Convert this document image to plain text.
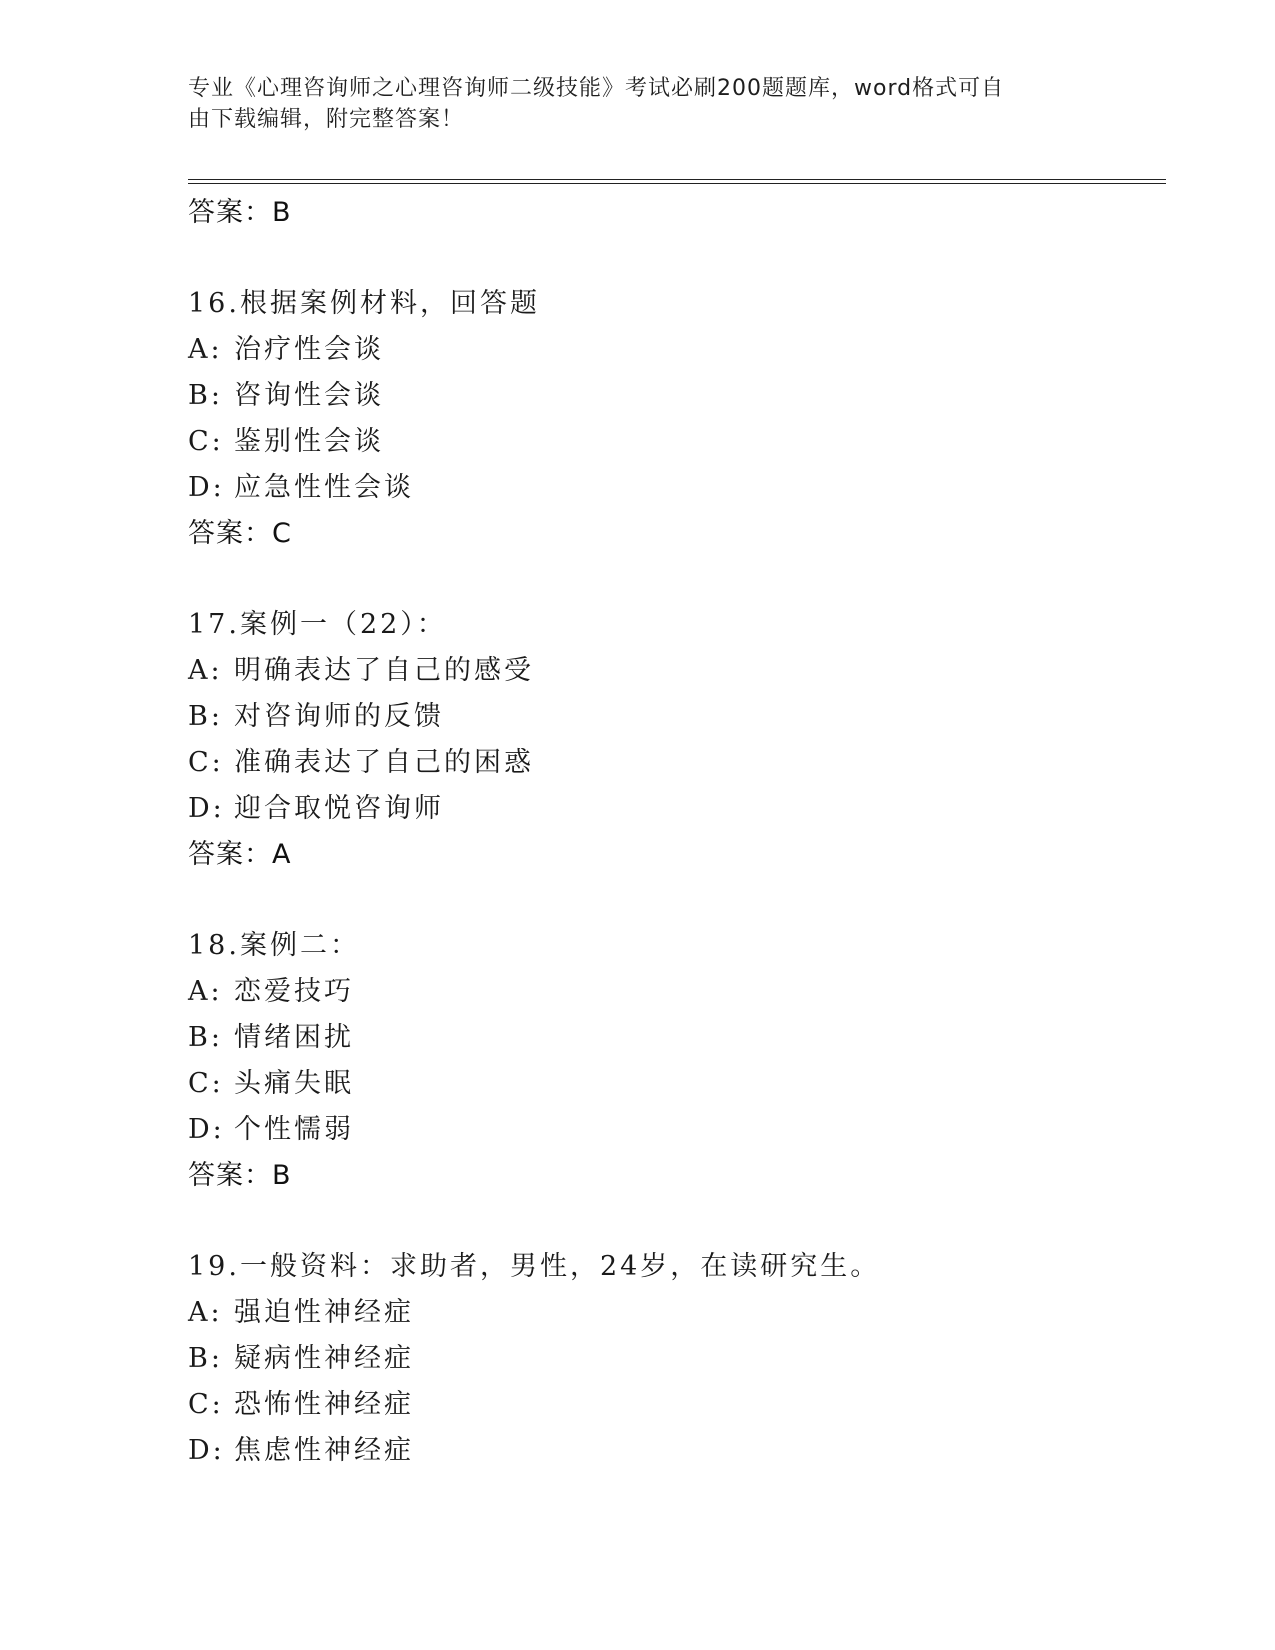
专业《心理咨询师之心理咨询师二级技能》考试必刷200题题库，word格式可自
由下载编辑，附完整答案！
答案：B
16.根据案例材料，回答题
A: 治疗性会谈
B: 咨询性会谈
C: 鉴别性会谈
D: 应急性性会谈
答案：C
17.案例一（22）：
A: 明确表达了自己的感受
B: 对咨询师的反馈
C: 准确表达了自己的困惑
D: 迎合取悦咨询师
答案：A
18.案例二：
A: 恋爱技巧
B: 情绪困扰
C: 头痛失眠
D: 个性懦弱
答案：B
19.一般资料：求助者，男性，24岁，在读研究生。
A: 强迫性神经症
B: 疑病性神经症
C: 恐怖性神经症
D: 焦虑性神经症
